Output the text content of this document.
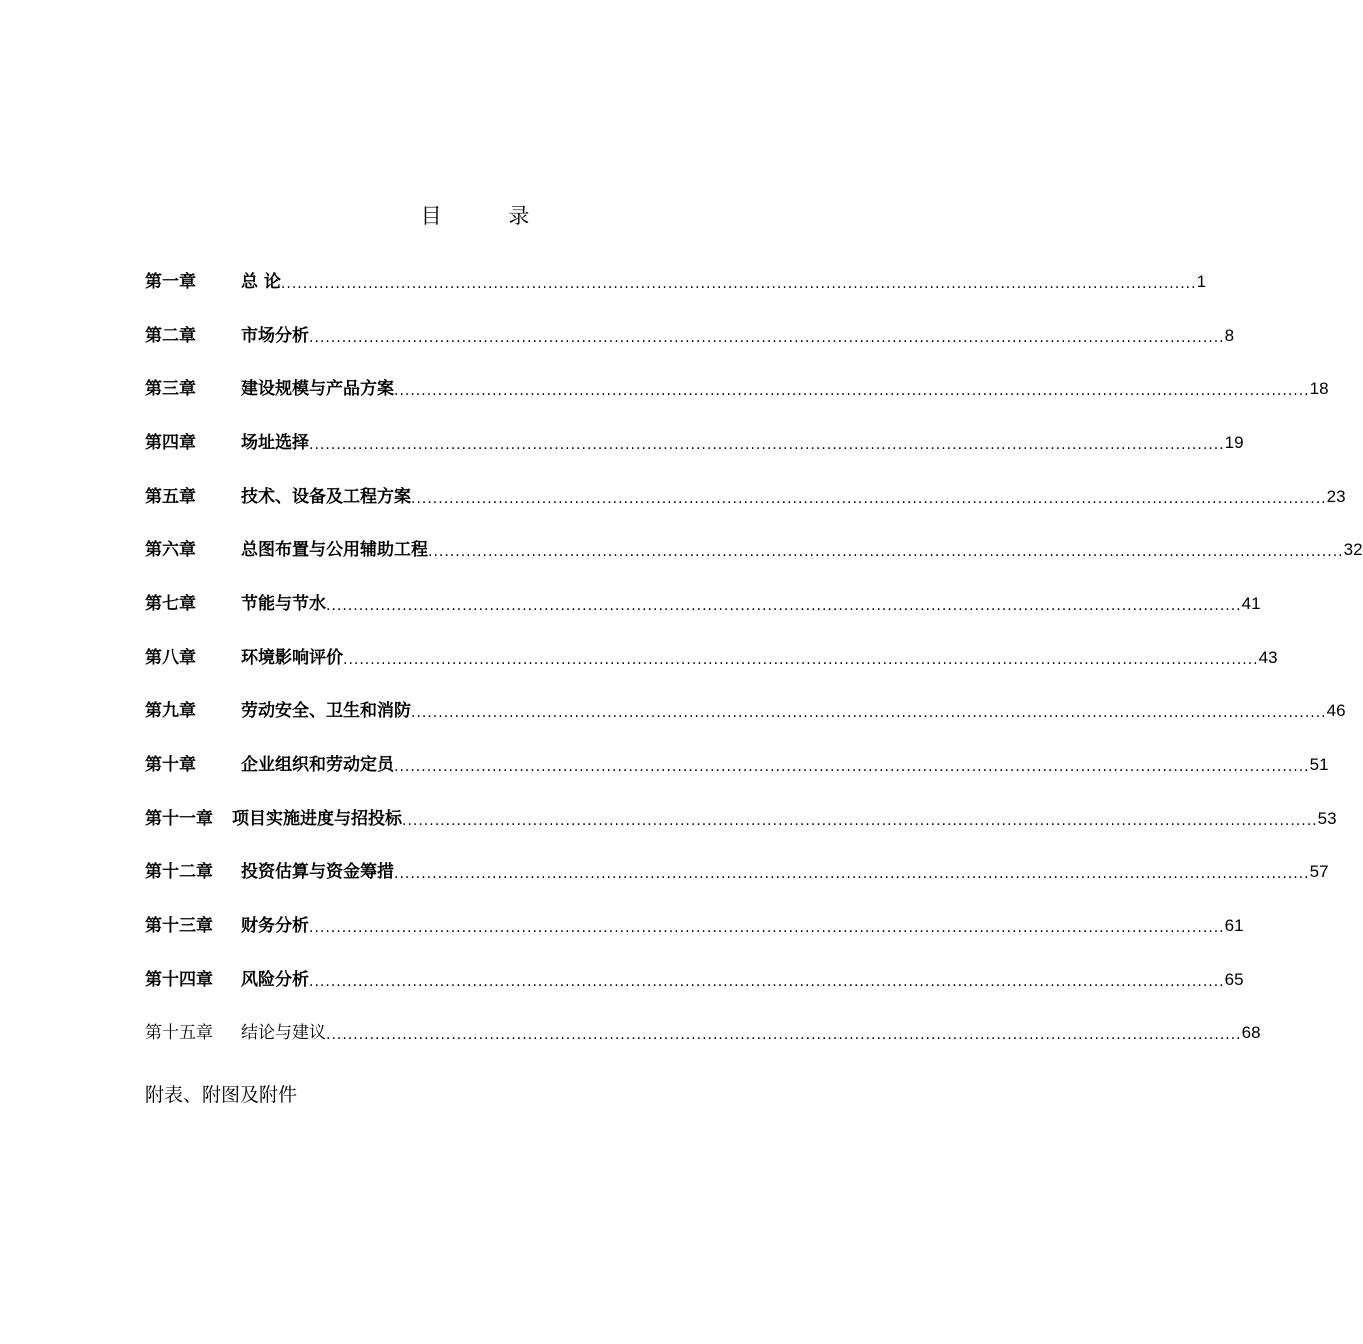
目 录
第一章	总 论 ........................................................................................................................................................................ 1
第二章	市场分析 ........................................................................................................................................................................ 8
第三章	建设规模与产品方案 ........................................................................................................................................................................ 18
第四章	场址选择 ........................................................................................................................................................................ 19
第五章	技术、设备及工程方案 ........................................................................................................................................................................ 23
第六章	总图布置与公用辅助工程 ........................................................................................................................................................................ 32
第七章	节能与节水 ........................................................................................................................................................................ 41
第八章	环境影响评价 ........................................................................................................................................................................ 43
第九章	劳动安全、卫生和消防 ........................................................................................................................................................................ 46
第十章	企业组织和劳动定员 ........................................................................................................................................................................ 51
第十一章	项目实施进度与招投标 ........................................................................................................................................................................ 53
第十二章	投资估算与资金筹措 ........................................................................................................................................................................ 57
第十三章	财务分析 ........................................................................................................................................................................ 61
第十四章	风险分析 ........................................................................................................................................................................ 65
第十五章	结论与建议 ........................................................................................................................................................................ 68

附表、附图及附件
